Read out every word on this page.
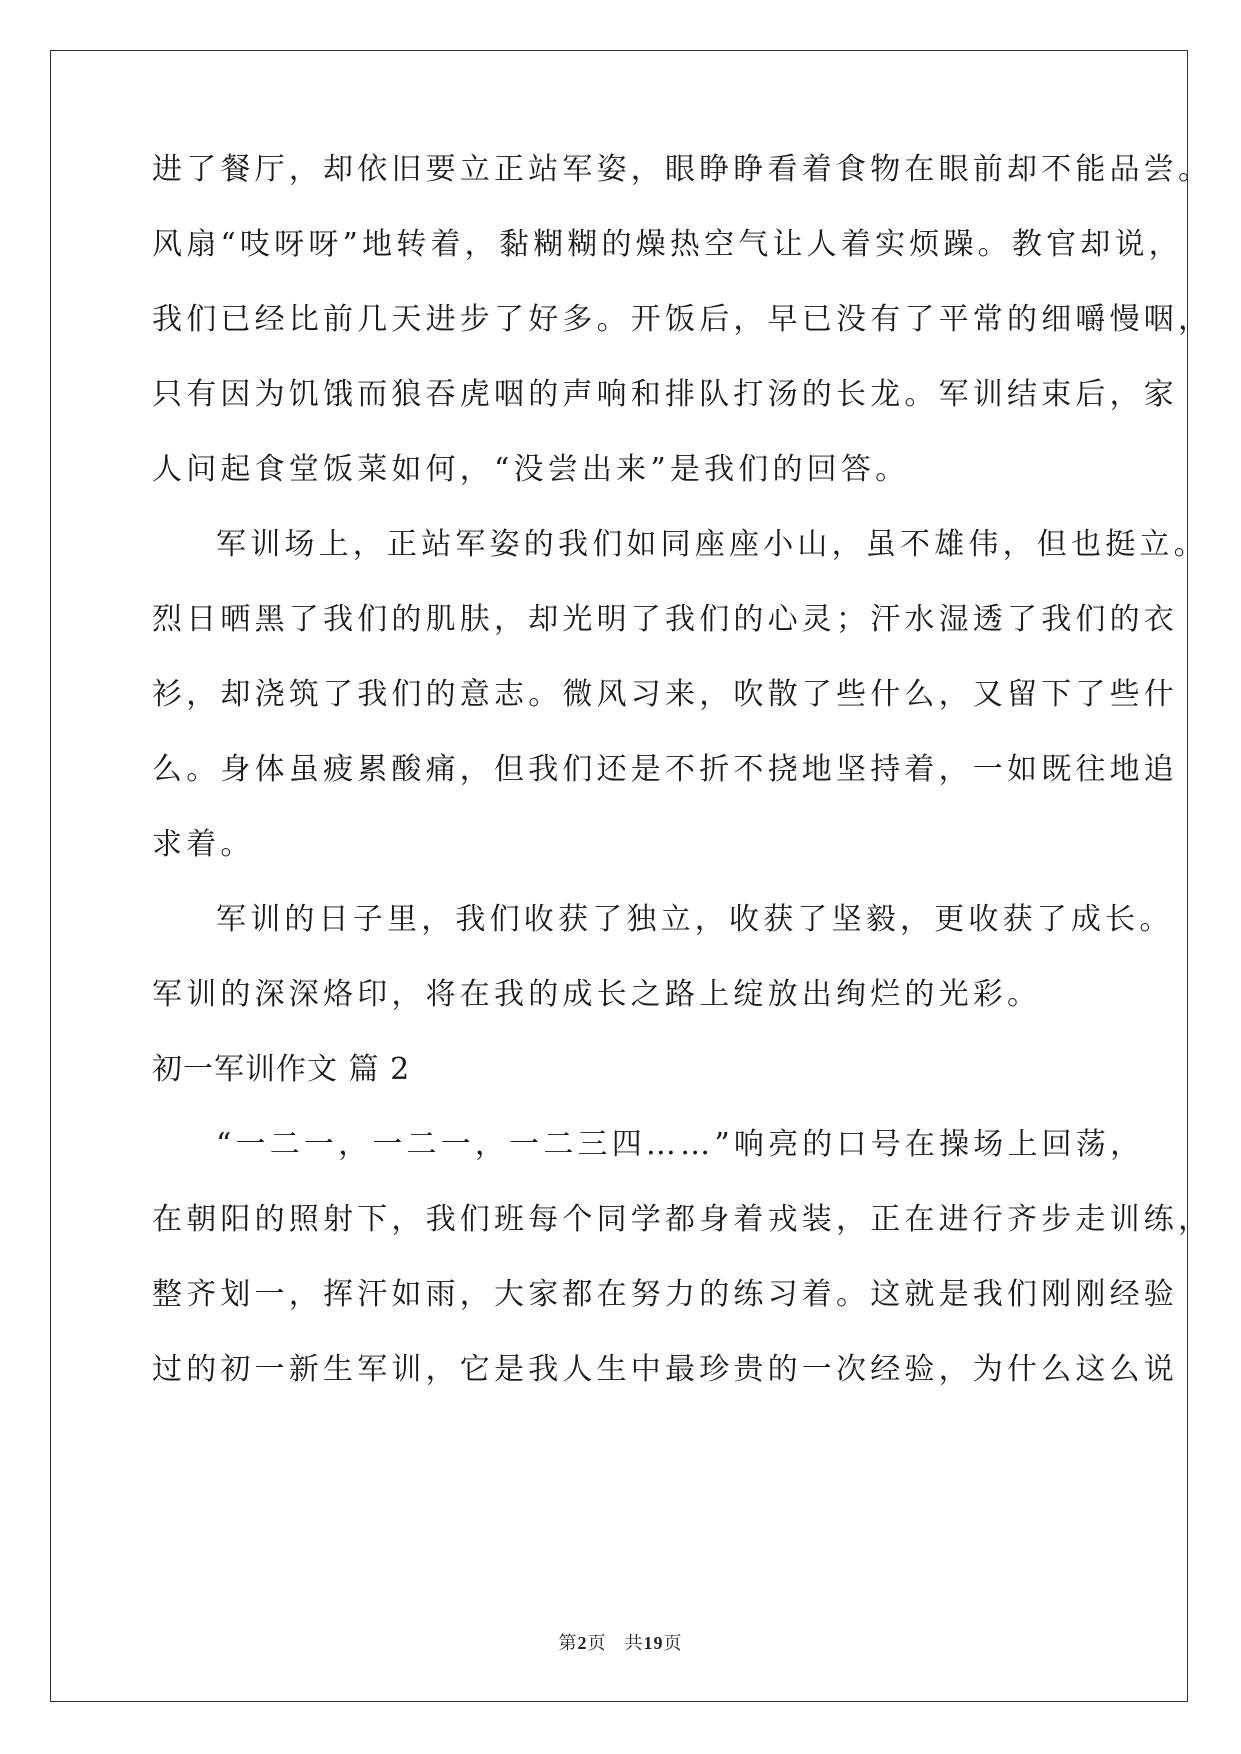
进了餐厅，却依旧要立正站军姿，眼睁睁看着食物在眼前却不能品尝。
风扇“吱呀呀”地转着，黏糊糊的燥热空气让人着实烦躁。教官却说，
我们已经比前几天进步了好多。开饭后，早已没有了平常的细嚼慢咽，
只有因为饥饿而狼吞虎咽的声响和排队打汤的长龙。军训结束后，家
人问起食堂饭菜如何，“没尝出来”是我们的回答。
军训场上，正站军姿的我们如同座座小山，虽不雄伟，但也挺立。
烈日晒黑了我们的肌肤，却光明了我们的心灵；汗水湿透了我们的衣
衫，却浇筑了我们的意志。微风习来，吹散了些什么，又留下了些什
么。身体虽疲累酸痛，但我们还是不折不挠地坚持着，一如既往地追
求着。
军训的日子里，我们收获了独立，收获了坚毅，更收获了成长。
军训的深深烙印，将在我的成长之路上绽放出绚烂的光彩。
初一军训作文 篇 2
“一二一，一二一，一二三四……”响亮的口号在操场上回荡，
在朝阳的照射下，我们班每个同学都身着戎装，正在进行齐步走训练，
整齐划一，挥汗如雨，大家都在努力的练习着。这就是我们刚刚经验
过的初一新生军训，它是我人生中最珍贵的一次经验，为什么这么说
第2页 共19页
